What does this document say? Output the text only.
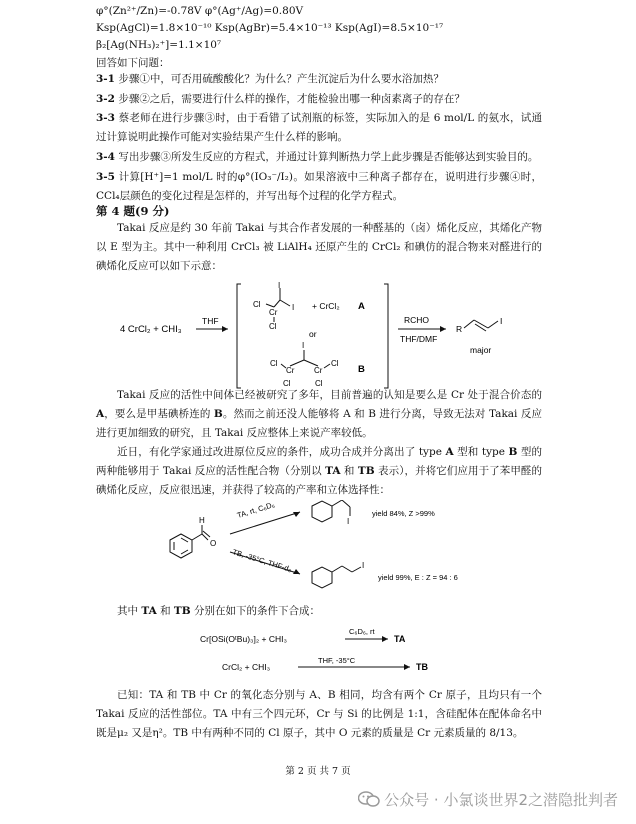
φ°(Zn²⁺/Zn)=-0.78V φ°(Ag⁺/Ag)=0.80V
Ksp(AgCl)=1.8×10⁻¹⁰ Ksp(AgBr)=5.4×10⁻¹³ Ksp(AgI)=8.5×10⁻¹⁷
β₂[Ag(NH₃)₂⁺]=1.1×10⁷
回答如下问题：
3-1 步骤①中，可否用硫酸酸化？为什么？产生沉淀后为什么要水浴加热？
3-2 步骤②之后，需要进行什么样的操作，才能检验出哪一种卤素离子的存在？
3-3 蔡老师在进行步骤③时，由于看错了试剂瓶的标签，实际加入的是 6 mol/L 的氨水，试通过计算说明此操作可能对实验结果产生什么样的影响。
3-4 写出步骤③所发生反应的方程式，并通过计算判断热力学上此步骤是否能够达到实验目的。
3-5 计算[H⁺]=1 mol/L 时的φ°(IO₃⁻/I₂)。如果溶液中三种离子都存在，说明进行步骤④时，CCl₄层颜色的变化过程是怎样的，并写出每个过程的化学方程式。
第 4 题(9 分)
Takai 反应是约 30 年前 Takai 与其合作者发展的一种醛基的（卤）烯化反应，其烯化产物以 E 型为主。其中一种利用 CrCl₃ 被 LiAlH₄ 还原产生的 CrCl₂ 和碘仿的混合物来对醛进行的碘烯化反应可以如下示意：
4 CrCl₂ + CHI₃
THF
I
I
Cl
Cr
Cl
+ CrCl₂ A
or
I
Cr Cr
Cl	Cl
Cl	Cl
B
RCHO
THF/DMF
R
I
major
Takai 反应的活性中间体已经被研究了多年，目前普遍的认知是要么是 Cr 处于混合价态的 A，要么是甲基碘桥连的 B。然而之前还没人能够将 A 和 B 进行分离，导致无法对 Takai 反应进行更加细致的研究，且 Takai 反应整体上来说产率较低。
近日，有化学家通过改进原位反应的条件，成功合成并分离出了 type A 型和 type B 型的两种能够用于 Takai 反应的活性配合物（分别以 TA 和 TB 表示），并将它们应用于了苯甲醛的碘烯化反应，反应很迅速，并获得了较高的产率和立体选择性：
H
O
TA, rt, C₆D₆
I
yield 84%, Z >99%
TB, -35°C, THF-d₈	I
yield 99%, E : Z = 94 : 6
其中 TA 和 TB 分别在如下的条件下合成：
Cr[OSi(OᵗBu)₃]₂ + CHI₃
C₆D₆, rt
TA
CrCl₂ + CHI₃
THF, -35°C
TB
已知：TA 和 TB 中 Cr 的氧化态分别与 A、B 相同，均含有两个 Cr 原子，且均只有一个 Takai 反应的活性部位。TA 中有三个四元环，Cr 与 Si 的比例是 1:1，含硅配体在配体命名中既是μ₂ 又是η²。TB 中有两种不同的 Cl 原子，其中 O 元素的质量是 Cr 元素质量的 8/13。
第 2 页 共 7 页
公众号 · 小氯谈世界2之潜隐批判者
